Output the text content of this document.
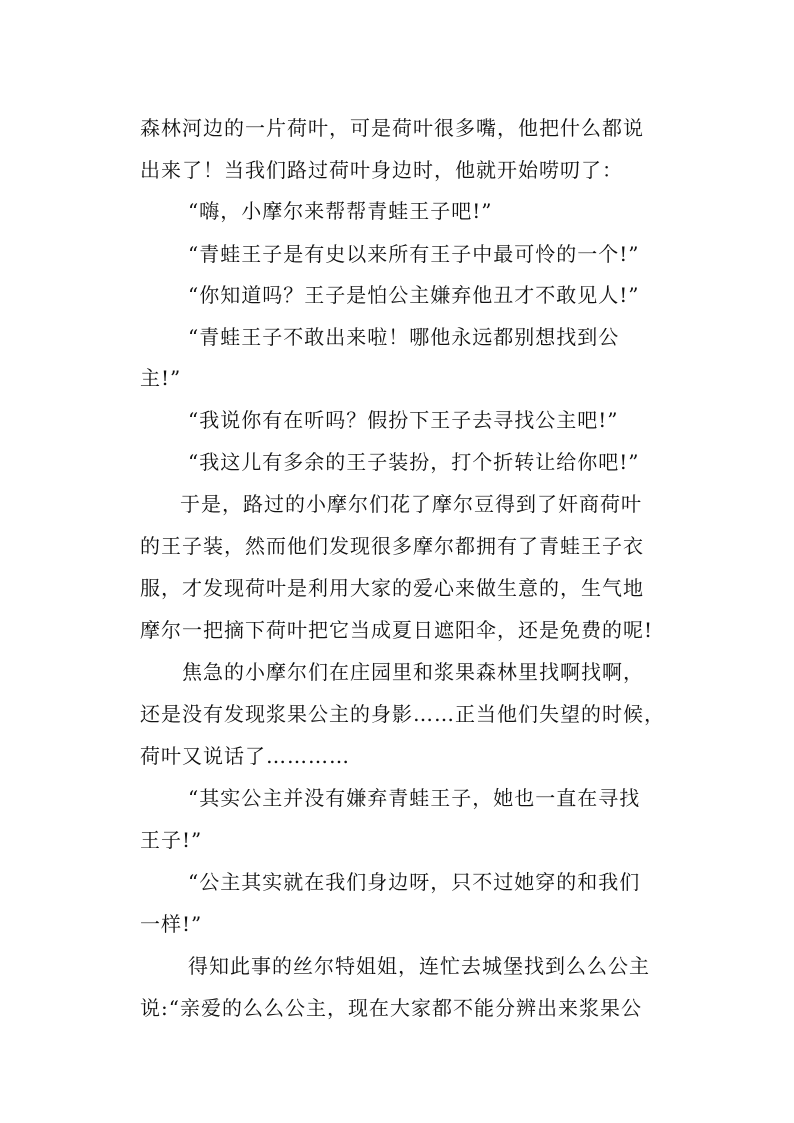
森林河边的一片荷叶，可是荷叶很多嘴，他把什么都说
出来了！当我们路过荷叶身边时，他就开始唠叨了：
“嗨，小摩尔来帮帮青蛙王子吧!”
“青蛙王子是有史以来所有王子中最可怜的一个!”
“你知道吗？王子是怕公主嫌弃他丑才不敢见人!”
“青蛙王子不敢出来啦！哪他永远都别想找到公
主!”
“我说你有在听吗？假扮下王子去寻找公主吧!”
“我这儿有多余的王子装扮，打个折转让给你吧!”
于是，路过的小摩尔们花了摩尔豆得到了奸商荷叶
的王子装，然而他们发现很多摩尔都拥有了青蛙王子衣
服，才发现荷叶是利用大家的爱心来做生意的，生气地
摩尔一把摘下荷叶把它当成夏日遮阳伞，还是免费的呢!
焦急的小摩尔们在庄园里和浆果森林里找啊找啊，
还是没有发现浆果公主的身影……正当他们失望的时候，
荷叶又说话了…………
“其实公主并没有嫌弃青蛙王子，她也一直在寻找
王子!”
“公主其实就在我们身边呀，只不过她穿的和我们
一样!”
得知此事的丝尔特姐姐，连忙去城堡找到么么公主
说:“亲爱的么么公主，现在大家都不能分辨出来浆果公
